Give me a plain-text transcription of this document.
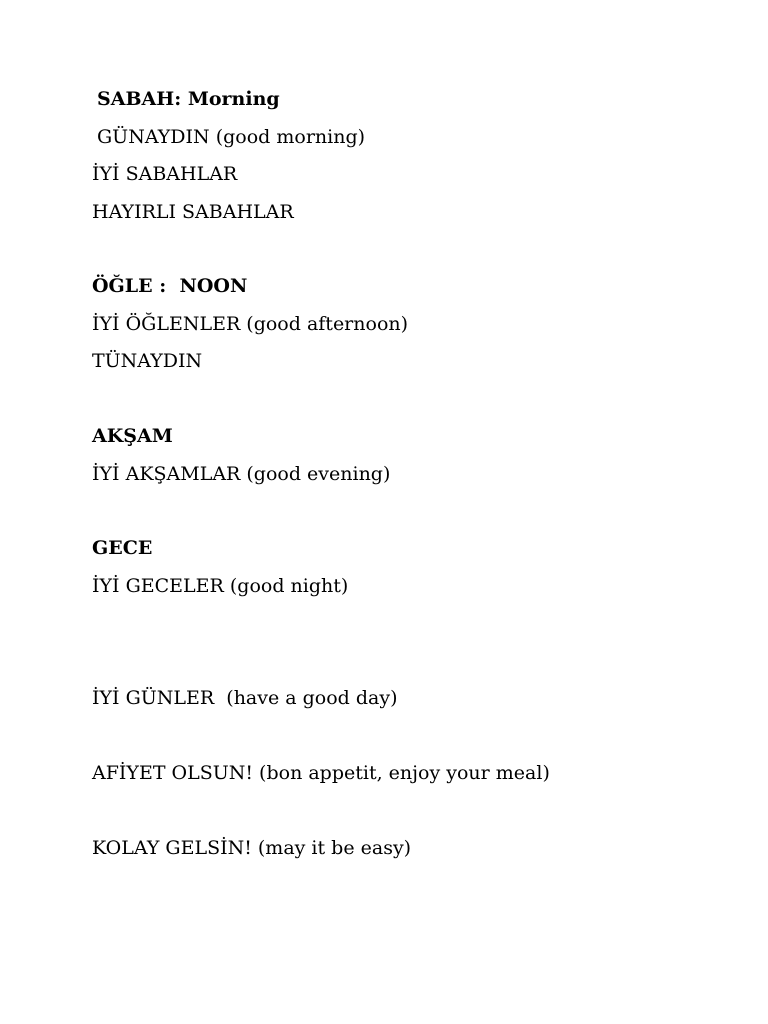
SABAH: Morning
GÜNAYDIN (good morning)
İYİ SABAHLAR
HAYIRLI SABAHLAR
ÖĞLE :  NOON
İYİ ÖĞLENLER (good afternoon)
TÜNAYDIN
AKŞAM
İYİ AKŞAMLAR (good evening)
GECE
İYİ GECELER (good night)
İYİ GÜNLER  (have a good day)
AFİYET OLSUN! (bon appetit, enjoy your meal)
KOLAY GELSİN! (may it be easy)
